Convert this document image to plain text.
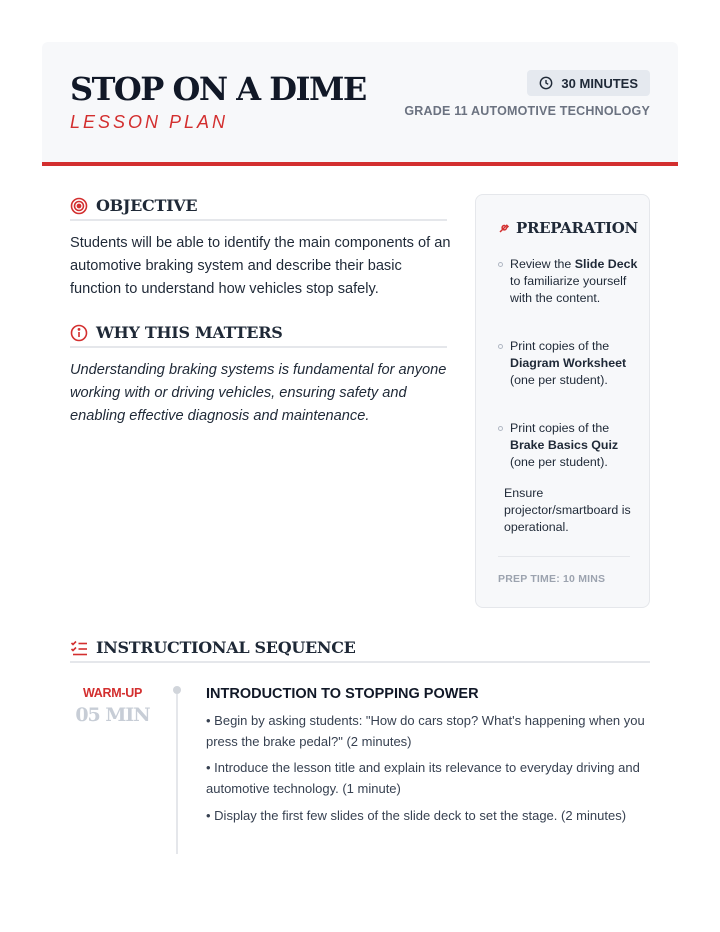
STOP ON A DIME
LESSON PLAN
30 MINUTES
GRADE 11 AUTOMOTIVE TECHNOLOGY
OBJECTIVE

Students will be able to identify the main components of an automotive braking system and describe their basic function to understand how vehicles stop safely.

WHY THIS MATTERS

Understanding braking systems is fundamental for anyone working with or driving vehicles, ensuring safety and enabling effective diagnosis and maintenance.

PREPARATION
Review the Slide Deck to familiarize yourself with the content.
Print copies of the Diagram Worksheet (one per student).
Print copies of the Brake Basics Quiz (one per student).
Ensure projector/smartboard is operational.
PREP TIME: 10 MINS
INSTRUCTIONAL SEQUENCE
WARM-UP
05 MIN
INTRODUCTION TO STOPPING POWER

• Begin by asking students: "How do cars stop? What's happening when you press the brake pedal?" (2 minutes)

• Introduce the lesson title and explain its relevance to everyday driving and automotive technology. (1 minute)

• Display the first few slides of the slide deck to set the stage. (2 minutes)
